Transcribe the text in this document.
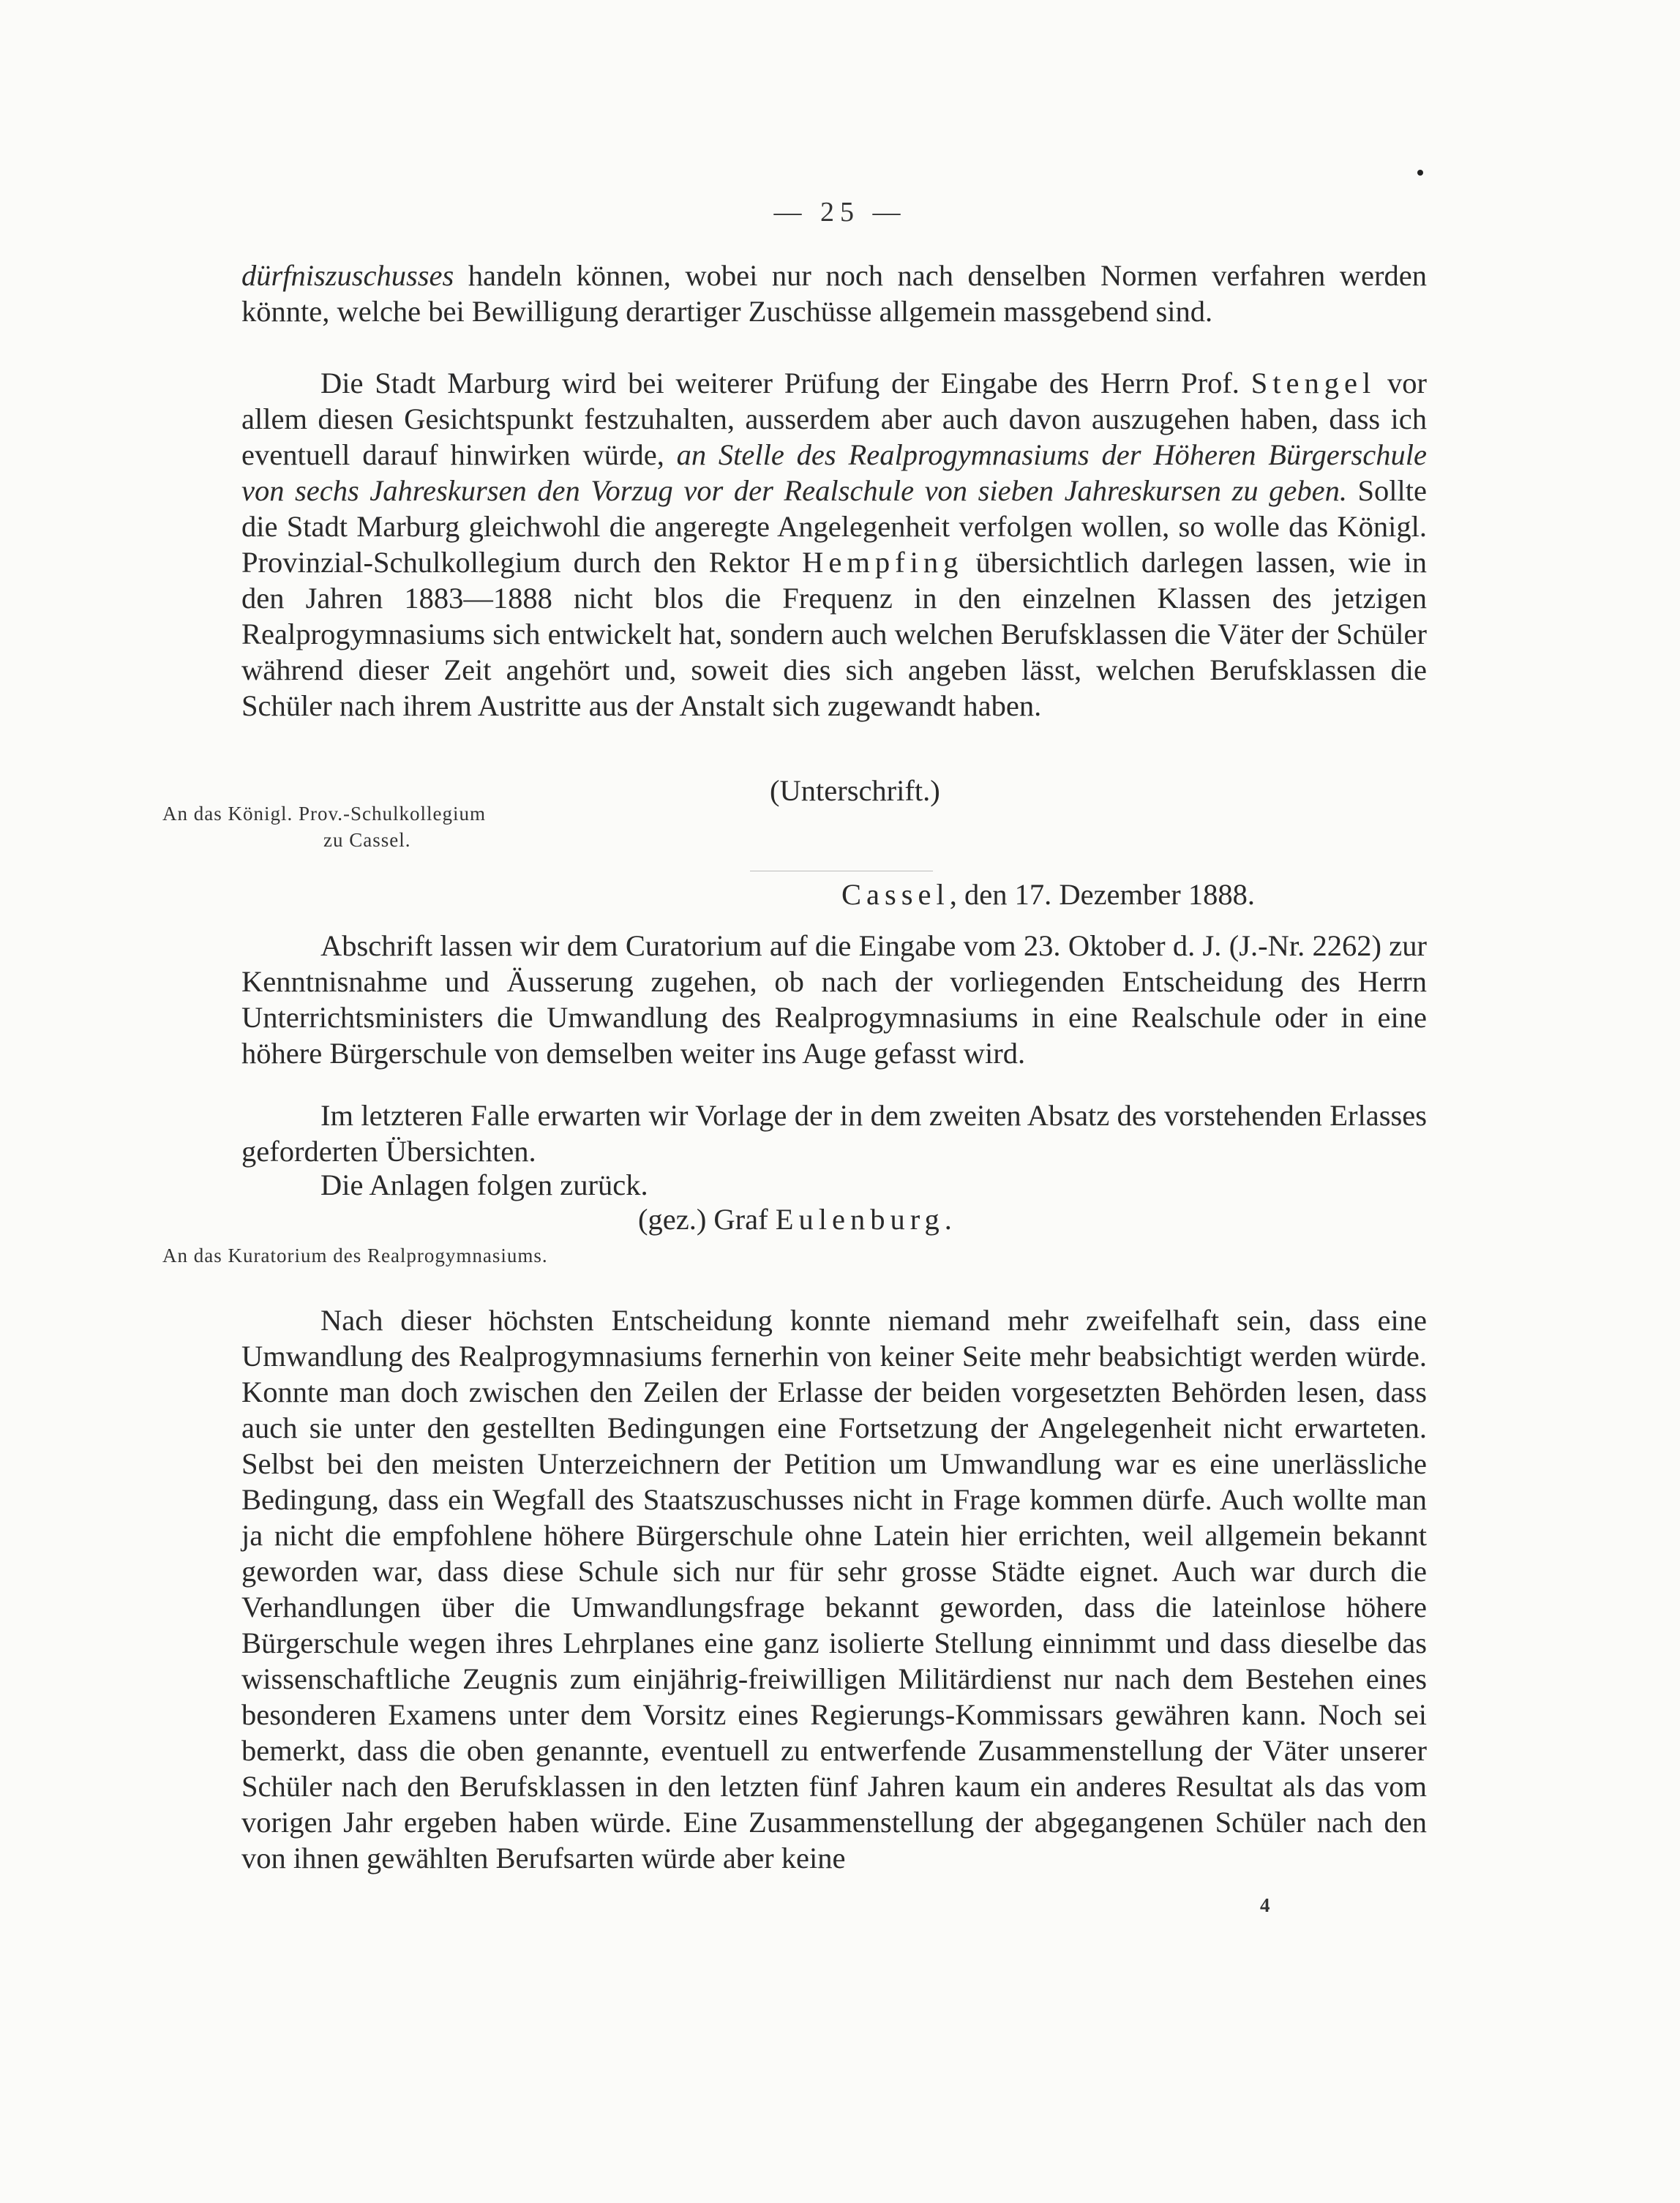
— 25 —

dürfniszuschusses handeln können, wobei nur noch nach denselben Normen verfahren werden könnte, welche bei Bewilligung derartiger Zuschüsse allgemein massgebend sind.

Die Stadt Marburg wird bei weiterer Prüfung der Eingabe des Herrn Prof. Stengel vor allem diesen Gesichtspunkt festzuhalten, ausserdem aber auch davon auszugehen haben, dass ich eventuell darauf hinwirken würde, an Stelle des Realprogymnasiums der Höheren Bürgerschule von sechs Jahreskursen den Vorzug vor der Realschule von sieben Jahreskursen zu geben. Sollte die Stadt Marburg gleichwohl die angeregte Angelegenheit verfolgen wollen, so wolle das Königl. Provinzial-Schulkollegium durch den Rektor Hempfing übersichtlich darlegen lassen, wie in den Jahren 1883—1888 nicht blos die Frequenz in den einzelnen Klassen des jetzigen Realprogymnasiums sich entwickelt hat, sondern auch welchen Berufsklassen die Väter der Schüler während dieser Zeit angehört und, soweit dies sich angeben lässt, welchen Berufsklassen die Schüler nach ihrem Austritte aus der Anstalt sich zugewandt haben.

(Unterschrift.)
An das Königl. Prov.-Schulkollegium
zu Cassel.
Cassel, den 17. Dezember 1888.

Abschrift lassen wir dem Curatorium auf die Eingabe vom 23. Oktober d. J. (J.-Nr. 2262) zur Kenntnisnahme und Äusserung zugehen, ob nach der vorliegenden Entscheidung des Herrn Unterrichtsministers die Umwandlung des Realprogymnasiums in eine Realschule oder in eine höhere Bürgerschule von demselben weiter ins Auge gefasst wird.

Im letzteren Falle erwarten wir Vorlage der in dem zweiten Absatz des vorstehenden Erlasses geforderten Übersichten.

Die Anlagen folgen zurück.

(gez.) Graf Eulenburg.
An das Kuratorium des Realprogymnasiums.

Nach dieser höchsten Entscheidung konnte niemand mehr zweifelhaft sein, dass eine Umwandlung des Realprogymnasiums fernerhin von keiner Seite mehr beabsichtigt werden würde. Konnte man doch zwischen den Zeilen der Erlasse der beiden vorgesetzten Behörden lesen, dass auch sie unter den gestellten Bedingungen eine Fortsetzung der Angelegenheit nicht erwarteten. Selbst bei den meisten Unterzeichnern der Petition um Umwandlung war es eine unerlässliche Bedingung, dass ein Wegfall des Staatszuschusses nicht in Frage kommen dürfe. Auch wollte man ja nicht die empfohlene höhere Bürgerschule ohne Latein hier errichten, weil allgemein bekannt geworden war, dass diese Schule sich nur für sehr grosse Städte eignet. Auch war durch die Verhandlungen über die Umwandlungsfrage bekannt geworden, dass die lateinlose höhere Bürgerschule wegen ihres Lehrplanes eine ganz isolierte Stellung einnimmt und dass dieselbe das wissenschaftliche Zeugnis zum einjährig-freiwilligen Militärdienst nur nach dem Bestehen eines besonderen Examens unter dem Vorsitz eines Regierungs-Kommissars gewähren kann. Noch sei bemerkt, dass die oben genannte, eventuell zu entwerfende Zusammenstellung der Väter unserer Schüler nach den Berufsklassen in den letzten fünf Jahren kaum ein anderes Resultat als das vom vorigen Jahr ergeben haben würde. Eine Zusammenstellung der abgegangenen Schüler nach den von ihnen gewählten Berufsarten würde aber keine

4
